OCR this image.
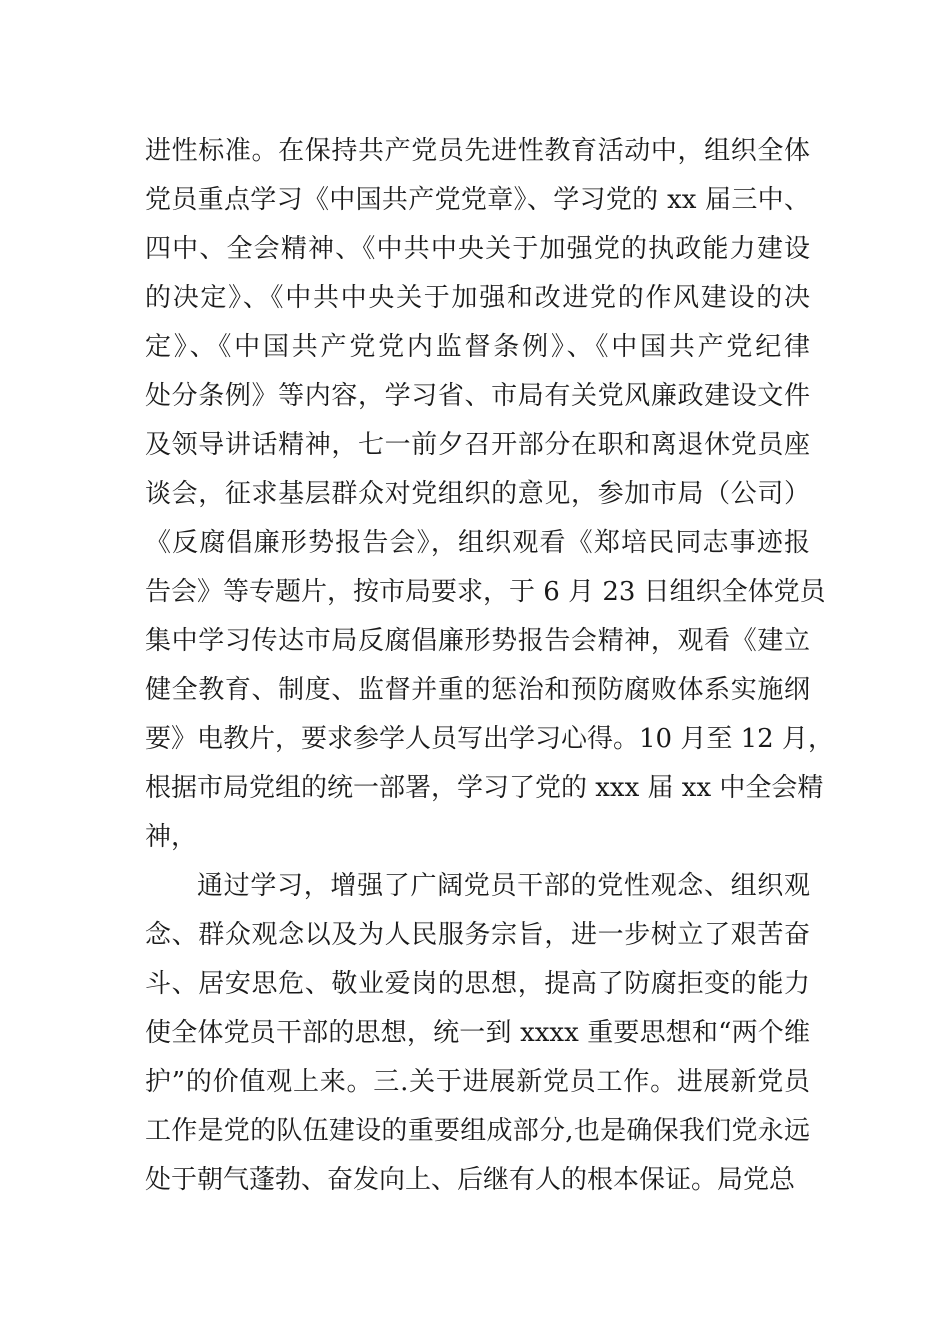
进性标准。在保持共产党员先进性教育活动中，组织全体
党员重点学习《中国共产党党章》、学习党的 xx 届三中、
四中、全会精神、《中共中央关于加强党的执政能力建设
的决定》、《中共中央关于加强和改进党的作风建设的决
定》、《中国共产党党内监督条例》、《中国共产党纪律
处分条例》等内容，学习省、市局有关党风廉政建设文件
及领导讲话精神，七一前夕召开部分在职和离退休党员座
谈会，征求基层群众对党组织的意见，参加市局（公司）
《反腐倡廉形势报告会》，组织观看《郑培民同志事迹报
告会》等专题片，按市局要求，于 6 月 23 日组织全体党员
集中学习传达市局反腐倡廉形势报告会精神，观看《建立
健全教育、制度、监督并重的惩治和预防腐败体系实施纲
要》电教片，要求参学人员写出学习心得。10 月至 12 月，
根据市局党组的统一部署，学习了党的 xxx 届 xx 中全会精
神，
通过学习，增强了广阔党员干部的党性观念、组织观
念、群众观念以及为人民服务宗旨，进一步树立了艰苦奋
斗、居安思危、敬业爱岗的思想，提高了防腐拒变的能力
使全体党员干部的思想，统一到 xxxx 重要思想和“两个维
护”的价值观上来。三.关于进展新党员工作。进展新党员
工作是党的队伍建设的重要组成部分,也是确保我们党永远
处于朝气蓬勃、奋发向上、后继有人的根本保证。局党总
